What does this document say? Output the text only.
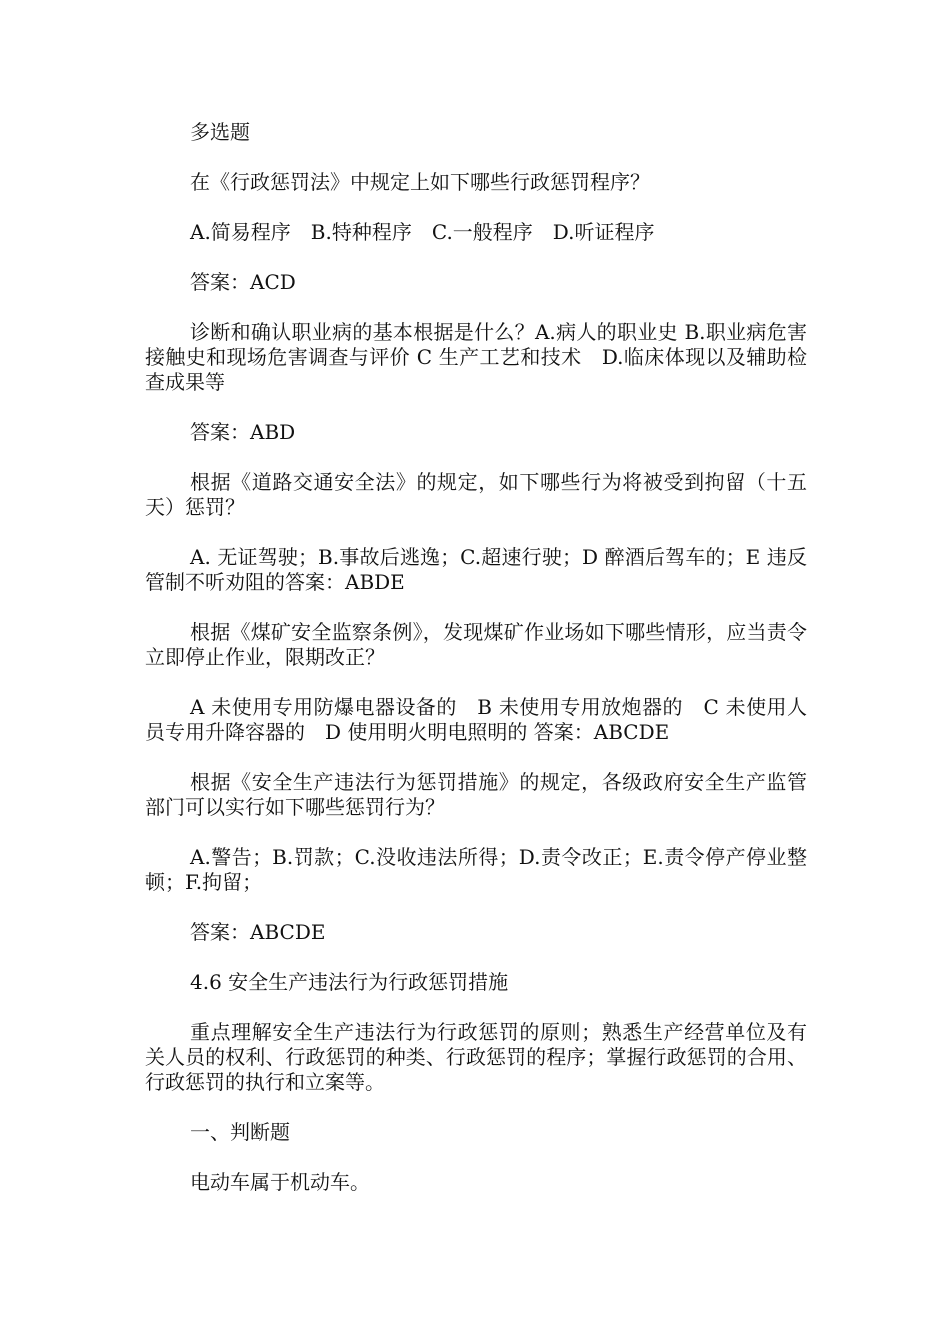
多选题

在《行政惩罚法》中规定上如下哪些行政惩罚程序？

A.简易程序　B.特种程序　C.一般程序　D.听证程序

答案：ACD

诊断和确认职业病的基本根据是什么？A.病人的职业史 B.职业病危害接触史和现场危害调查与评价 C 生产工艺和技术　D.临床体现以及辅助检查成果等

答案：ABD

根据《道路交通安全法》的规定，如下哪些行为将被受到拘留（十五天）惩罚？

A. 无证驾驶；B.事故后逃逸；C.超速行驶；D 醉酒后驾车的；E 违反管制不听劝阻的答案：ABDE

根据《煤矿安全监察条例》，发现煤矿作业场如下哪些情形，应当责令立即停止作业，限期改正？

A 未使用专用防爆电器设备的　B 未使用专用放炮器的　C 未使用人员专用升降容器的　D 使用明火明电照明的 答案：ABCDE

根据《安全生产违法行为惩罚措施》的规定，各级政府安全生产监管部门可以实行如下哪些惩罚行为？

A.警告；B.罚款；C.没收违法所得；D.责令改正；E.责令停产停业整顿；F.拘留；

答案：ABCDE

4.6 安全生产违法行为行政惩罚措施

重点理解安全生产违法行为行政惩罚的原则；熟悉生产经营单位及有关人员的权利、行政惩罚的种类、行政惩罚的程序；掌握行政惩罚的合用、行政惩罚的执行和立案等。

一、判断题

电动车属于机动车。
